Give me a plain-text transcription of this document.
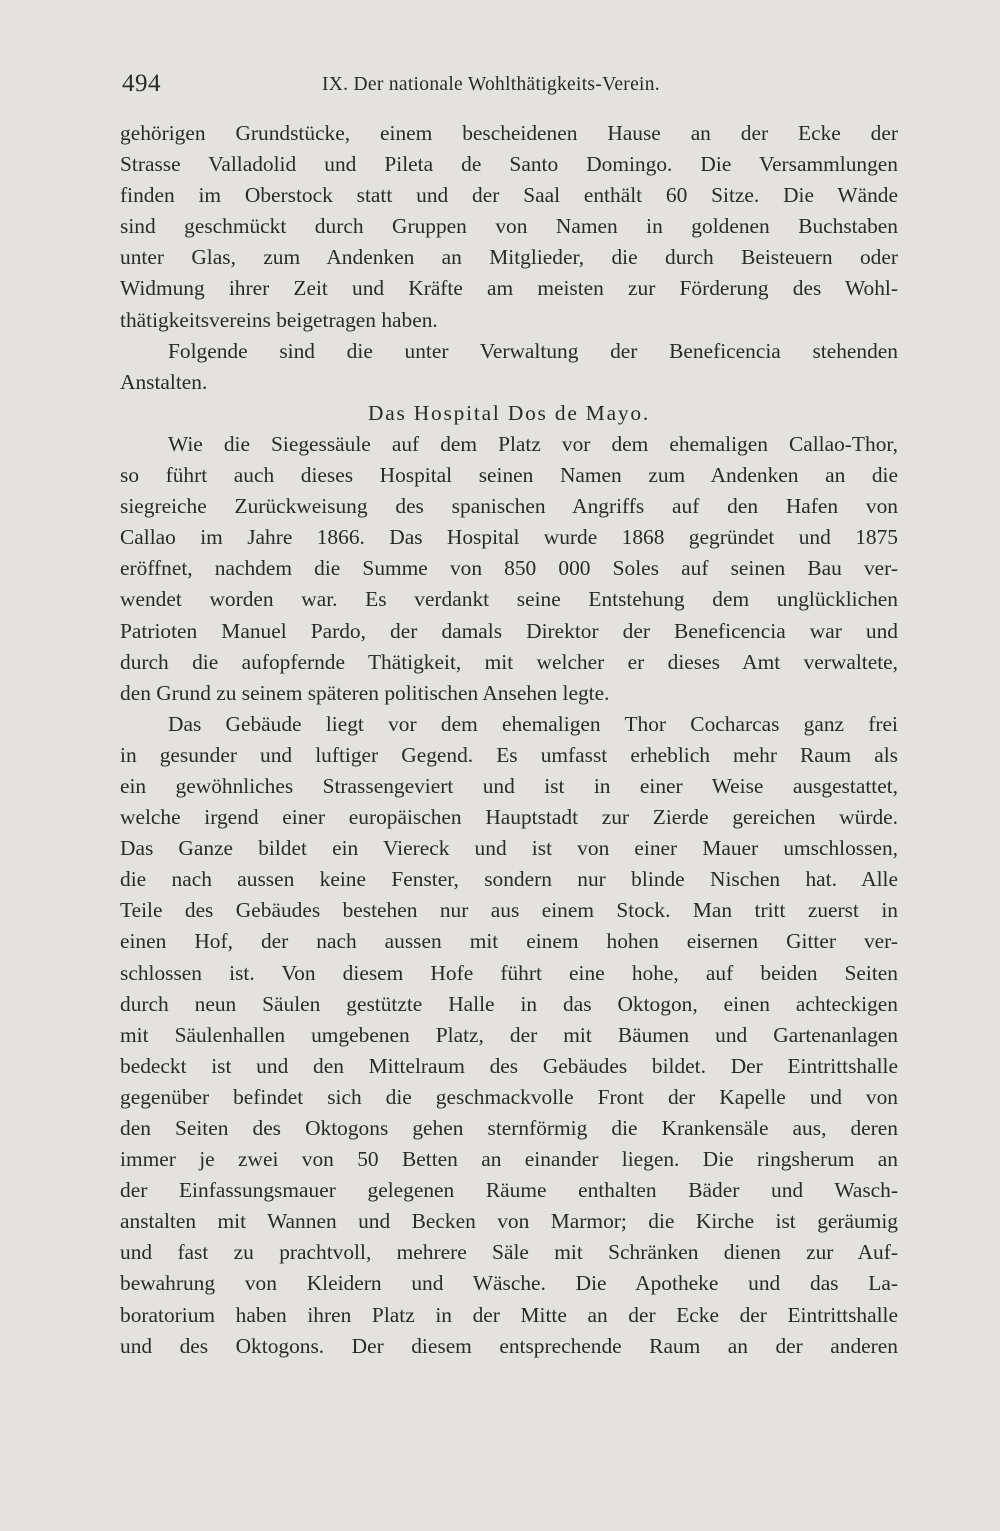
494	IX. Der nationale Wohlthätigkeits-Verein.
gehörigen Grundstücke, einem bescheidenen Hause an der Ecke der
Strasse Valladolid und Pileta de Santo Domingo. Die Versammlungen
finden im Oberstock statt und der Saal enthält 60 Sitze. Die Wände
sind geschmückt durch Gruppen von Namen in goldenen Buchstaben
unter Glas, zum Andenken an Mitglieder, die durch Beisteuern oder
Widmung ihrer Zeit und Kräfte am meisten zur Förderung des Wohl-
thätigkeitsvereins beigetragen haben.
Folgende sind die unter Verwaltung der Beneficencia stehenden
Anstalten.
Das Hospital Dos de Mayo.
Wie die Siegessäule auf dem Platz vor dem ehemaligen Callao-Thor,
so führt auch dieses Hospital seinen Namen zum Andenken an die
siegreiche Zurückweisung des spanischen Angriffs auf den Hafen von
Callao im Jahre 1866. Das Hospital wurde 1868 gegründet und 1875
eröffnet, nachdem die Summe von 850 000 Soles auf seinen Bau ver-
wendet worden war. Es verdankt seine Entstehung dem unglücklichen
Patrioten Manuel Pardo, der damals Direktor der Beneficencia war und
durch die aufopfernde Thätigkeit, mit welcher er dieses Amt verwaltete,
den Grund zu seinem späteren politischen Ansehen legte.
Das Gebäude liegt vor dem ehemaligen Thor Cocharcas ganz frei
in gesunder und luftiger Gegend. Es umfasst erheblich mehr Raum als
ein gewöhnliches Strassengeviert und ist in einer Weise ausgestattet,
welche irgend einer europäischen Hauptstadt zur Zierde gereichen würde.
Das Ganze bildet ein Viereck und ist von einer Mauer umschlossen,
die nach aussen keine Fenster, sondern nur blinde Nischen hat. Alle
Teile des Gebäudes bestehen nur aus einem Stock. Man tritt zuerst in
einen Hof, der nach aussen mit einem hohen eisernen Gitter ver-
schlossen ist. Von diesem Hofe führt eine hohe, auf beiden Seiten
durch neun Säulen gestützte Halle in das Oktogon, einen achteckigen
mit Säulenhallen umgebenen Platz, der mit Bäumen und Gartenanlagen
bedeckt ist und den Mittelraum des Gebäudes bildet. Der Eintrittshalle
gegenüber befindet sich die geschmackvolle Front der Kapelle und von
den Seiten des Oktogons gehen sternförmig die Krankensäle aus, deren
immer je zwei von 50 Betten an einander liegen. Die ringsherum an
der Einfassungsmauer gelegenen Räume enthalten Bäder und Wasch-
anstalten mit Wannen und Becken von Marmor; die Kirche ist geräumig
und fast zu prachtvoll, mehrere Säle mit Schränken dienen zur Auf-
bewahrung von Kleidern und Wäsche. Die Apotheke und das La-
boratorium haben ihren Platz in der Mitte an der Ecke der Eintrittshalle
und des Oktogons. Der diesem entsprechende Raum an der anderen
